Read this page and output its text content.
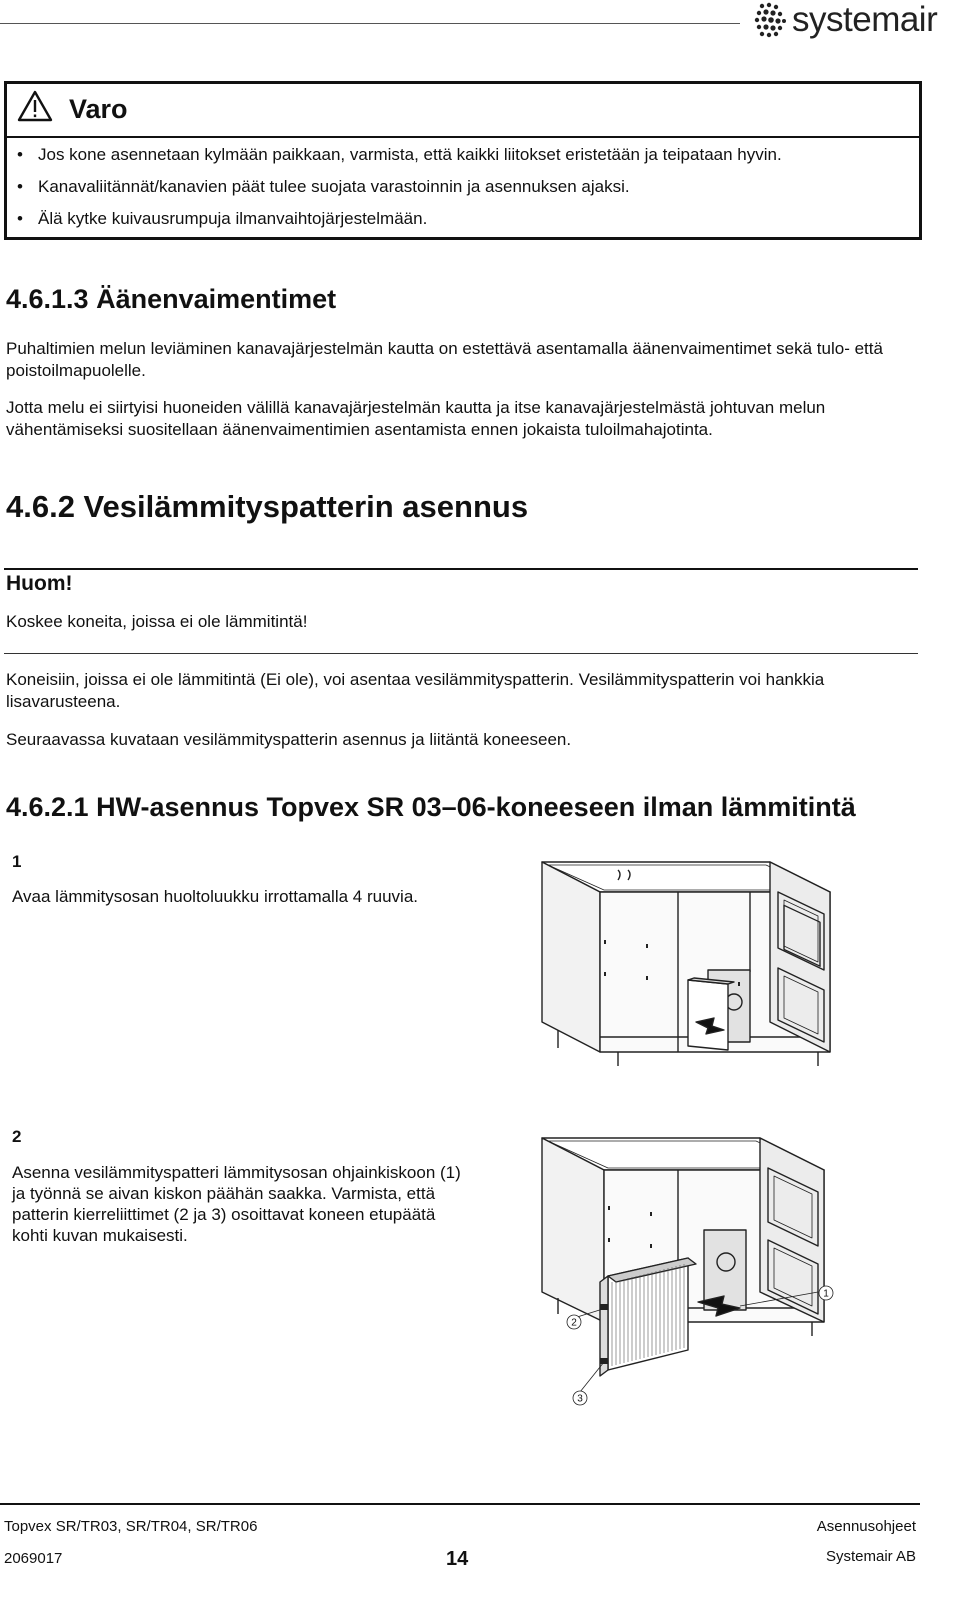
systemair
Varo
• Jos kone asennetaan kylmään paikkaan, varmista, että kaikki liitokset eristetään ja teipataan hyvin.
• Kanavaliitännät/kanavien päät tulee suojata varastoinnin ja asennuksen ajaksi.
• Älä kytke kuivausrumpuja ilmanvaihtojärjestelmään.
4.6.1.3 Äänenvaimentimet
Puhaltimien melun leviäminen kanavajärjestelmän kautta on estettävä asentamalla äänenvaimentimet sekä tulo- että poistoilmapuolelle.
Jotta melu ei siirtyisi huoneiden välillä kanavajärjestelmän kautta ja itse kanavajärjestelmästä johtuvan melun vähentämiseksi suositellaan äänenvaimentimien asentamista ennen jokaista tuloilmahajotinta.
4.6.2 Vesilämmityspatterin asennus
Huom!
Koskee koneita, joissa ei ole lämmitintä!
Koneisiin, joissa ei ole lämmitintä (Ei ole), voi asentaa vesilämmityspatterin. Vesilämmityspatterin voi hankkia lisavarusteena.
Seuraavassa kuvataan vesilämmityspatterin asennus ja liitäntä koneeseen.
4.6.2.1 HW-asennus Topvex SR 03–06-koneeseen ilman lämmitintä
1
Avaa lämmitysosan huoltoluukku irrottamalla 4 ruuvia.
2
Asenna vesilämmityspatteri lämmitysosan ohjainkiskoon (1) ja työnnä se aivan kiskon päähän saakka. Varmista, että patterin kierreliittimet (2 ja 3) osoittavat koneen etupäätä kohti kuvan mukaisesti.
1
2
3
Topvex SR/TR03, SR/TR04, SR/TR06	Asennusohjeet
2069017	14	Systemair AB
